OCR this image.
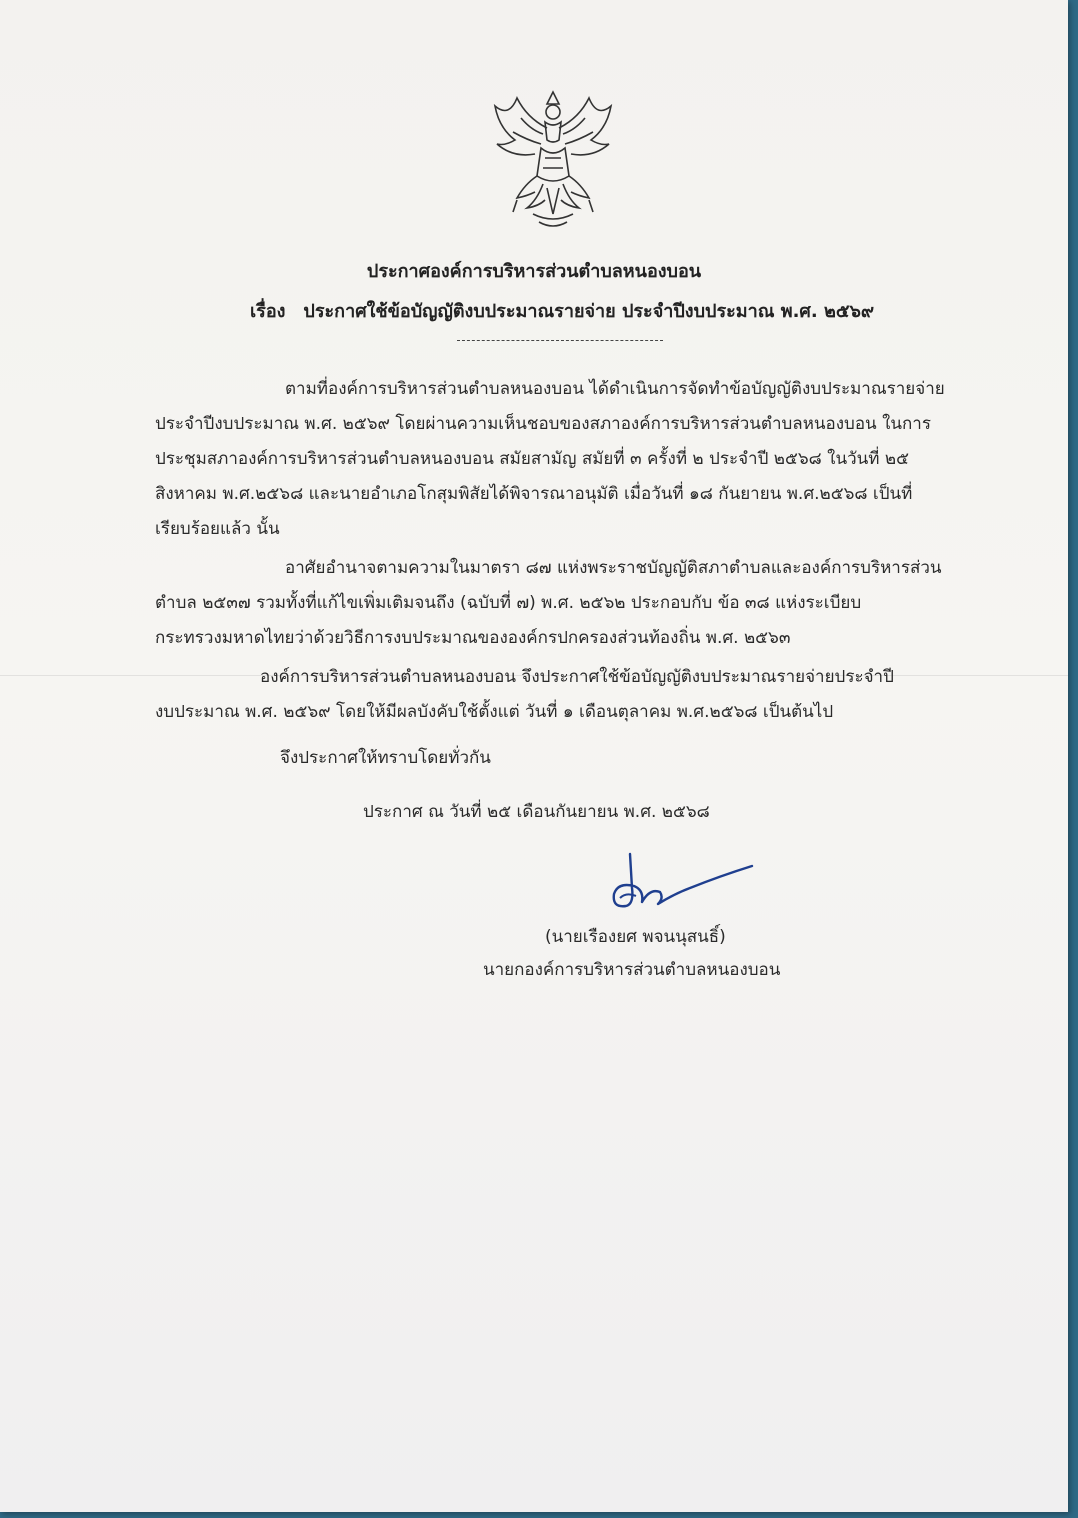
ประกาศองค์การบริหารส่วนตำบลหนองบอน
เรื่อง ประกาศใช้ข้อบัญญัติงบประมาณรายจ่าย ประจำปีงบประมาณ พ.ศ. ๒๕๖๙
ตามที่องค์การบริหารส่วนตำบลหนองบอน ได้ดำเนินการจัดทำข้อบัญญัติงบประมาณรายจ่าย
ประจำปีงบประมาณ พ.ศ. ๒๕๖๙ โดยผ่านความเห็นชอบของสภาองค์การบริหารส่วนตำบลหนองบอน ในการ
ประชุมสภาองค์การบริหารส่วนตำบลหนองบอน สมัยสามัญ สมัยที่ ๓ ครั้งที่ ๒ ประจำปี ๒๕๖๘ ในวันที่ ๒๕
สิงหาคม พ.ศ.๒๕๖๘ และนายอำเภอโกสุมพิสัยได้พิจารณาอนุมัติ เมื่อวันที่ ๑๘ กันยายน พ.ศ.๒๕๖๘ เป็นที่
เรียบร้อยแล้ว นั้น
อาศัยอำนาจตามความในมาตรา ๘๗ แห่งพระราชบัญญัติสภาตำบลและองค์การบริหารส่วน
ตำบล ๒๕๓๗ รวมทั้งที่แก้ไขเพิ่มเติมจนถึง (ฉบับที่ ๗) พ.ศ. ๒๕๖๒ ประกอบกับ ข้อ ๓๘ แห่งระเบียบ
กระทรวงมหาดไทยว่าด้วยวิธีการงบประมาณขององค์กรปกครองส่วนท้องถิ่น พ.ศ. ๒๕๖๓
องค์การบริหารส่วนตำบลหนองบอน จึงประกาศใช้ข้อบัญญัติงบประมาณรายจ่ายประจำปี
งบประมาณ พ.ศ. ๒๕๖๙ โดยให้มีผลบังคับใช้ตั้งแต่ วันที่ ๑ เดือนตุลาคม พ.ศ.๒๕๖๘ เป็นต้นไป
จึงประกาศให้ทราบโดยทั่วกัน
ประกาศ ณ วันที่ ๒๕ เดือนกันยายน พ.ศ. ๒๕๖๘
(นายเรืองยศ พจนนุสนธิ์)
นายกองค์การบริหารส่วนตำบลหนองบอน
